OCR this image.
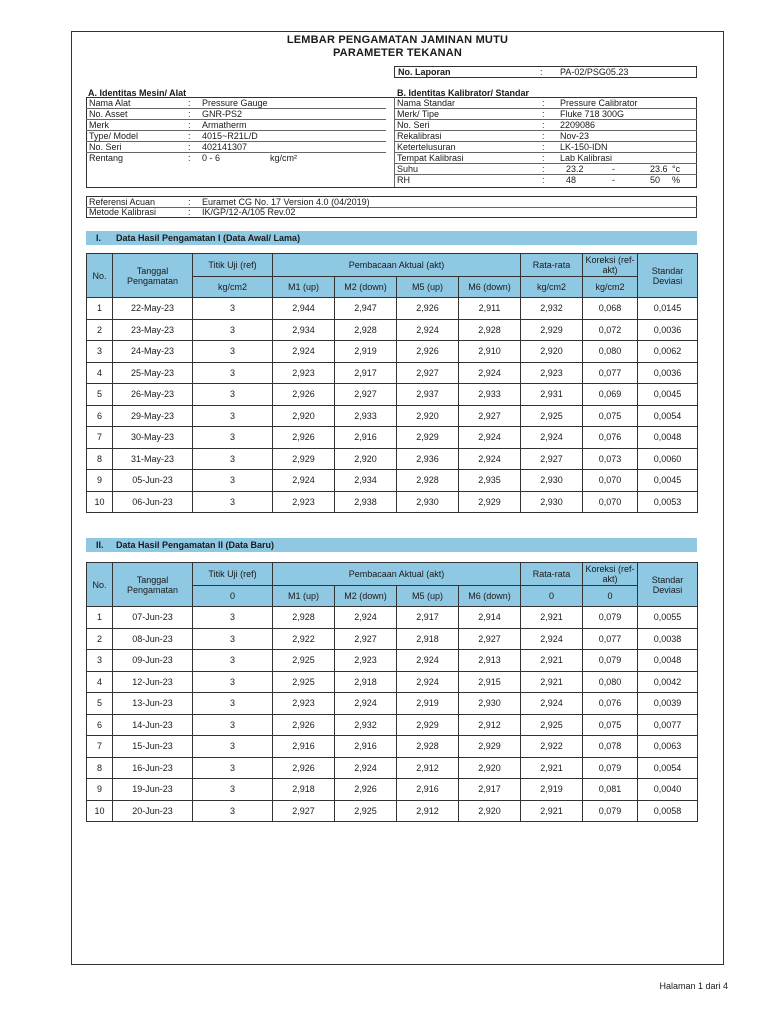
LEMBAR PENGAMATAN JAMINAN MUTU
PARAMETER TEKANAN
No. Laporan	: PA-02/PSG05.23
A. Identitas Mesin/ Alat	B. Identitas Kalibrator/ Standar
Nama Alat	: Pressure Gauge
No. Asset	: GNR-PS2
Merk	: Armatherm
Type/ Model	: 4015~R21L/D
No. Seri	: 402141307
Rentang	: 0 - 6	kg/cm²
Nama Standar	: Pressure Calibrator
Merk/ Tipe	: Fluke 718 300G
No. Seri	: 2209086
Rekalibrasi	: Nov-23
Ketertelusuran	: LK-150-IDN
Tempat Kalibrasi	: Lab Kalibrasi
Suhu	: 23.2	-	23.6 °c
RH	: 48	-	50 %
Referensi Acuan	: Euramet CG No. 17 Version 4.0 (04/2019)
Metode Kalibrasi	: IK/GP/12-A/105 Rev.02
I. Data Hasil Pengamatan I (Data Awal/ Lama)
No.	Tanggal Pengamatan	Titik Uji (ref)	Pembacaan Aktual (akt)				Rata-rata	Koreksi (ref-akt)	Standar Deviasi
		kg/cm2	M1 (up)	M2 (down)	M5 (up)	M6 (down)	kg/cm2	kg/cm2	
1	22-May-23	3	2,944	2,947	2,926	2,911	2,932	0,068	0,0145
2	23-May-23	3	2,934	2,928	2,924	2,928	2,929	0,072	0,0036
3	24-May-23	3	2,924	2,919	2,926	2,910	2,920	0,080	0,0062
4	25-May-23	3	2,923	2,917	2,927	2,924	2,923	0,077	0,0036
5	26-May-23	3	2,926	2,927	2,937	2,933	2,931	0,069	0,0045
6	29-May-23	3	2,920	2,933	2,920	2,927	2,925	0,075	0,0054
7	30-May-23	3	2,926	2,916	2,929	2,924	2,924	0,076	0,0048
8	31-May-23	3	2,929	2,920	2,936	2,924	2,927	0,073	0,0060
9	05-Jun-23	3	2,924	2,934	2,928	2,935	2,930	0,070	0,0045
10	06-Jun-23	3	2,923	2,938	2,930	2,929	2,930	0,070	0,0053
II. Data Hasil Pengamatan II (Data Baru)
No.	Tanggal Pengamatan	Titik Uji (ref)	Pembacaan Aktual (akt)				Rata-rata	Koreksi (ref-akt)	Standar Deviasi
		0	M1 (up)	M2 (down)	M5 (up)	M6 (down)	0	0	
1	07-Jun-23	3	2,928	2,924	2,917	2,914	2,921	0,079	0,0055
2	08-Jun-23	3	2,922	2,927	2,918	2,927	2,924	0,077	0,0038
3	09-Jun-23	3	2,925	2,923	2,924	2,913	2,921	0,079	0,0048
4	12-Jun-23	3	2,925	2,918	2,924	2,915	2,921	0,080	0,0042
5	13-Jun-23	3	2,923	2,924	2,919	2,930	2,924	0,076	0,0039
6	14-Jun-23	3	2,926	2,932	2,929	2,912	2,925	0,075	0,0077
7	15-Jun-23	3	2,916	2,916	2,928	2,929	2,922	0,078	0,0063
8	16-Jun-23	3	2,926	2,924	2,912	2,920	2,921	0,079	0,0054
9	19-Jun-23	3	2,918	2,926	2,916	2,917	2,919	0,081	0,0040
10	20-Jun-23	3	2,927	2,925	2,912	2,920	2,921	0,079	0,0058
Halaman 1 dari 4
